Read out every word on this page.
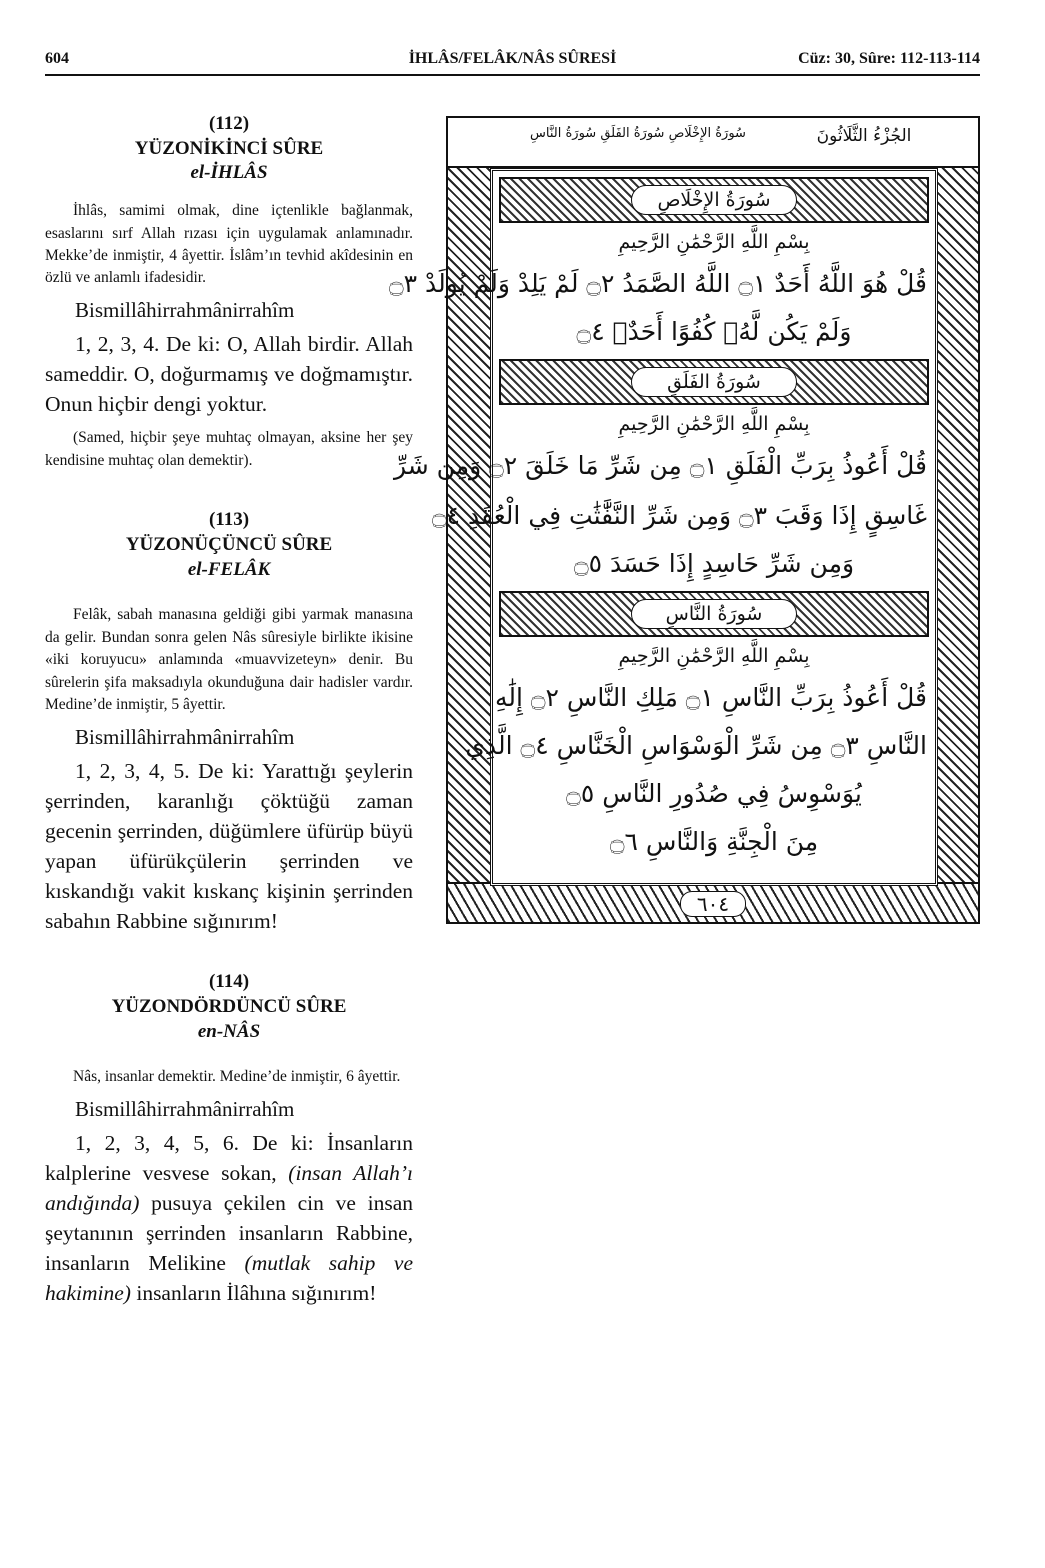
604	İHLÂS/FELÂK/NÂS SÛRESİ	Cüz: 30, Sûre: 112-113-114
(112)
YÜZONİKİNCİ SÛRE
el-İHLÂS
İhlâs, samimi olmak, dine içtenlikle bağlanmak, esaslarını sırf Allah rızası için uygulamak anlamınadır. Mekke’de inmiştir, 4 âyettir. İslâm’ın tevhid akîdesinin en özlü ve anlamlı ifadesidir.
Bismillâhirrahmânirrahîm
1, 2, 3, 4. De ki: O, Allah birdir. Allah sameddir. O, doğurmamış ve doğmamıştır. Onun hiçbir dengi yoktur.
(Samed, hiçbir şeye muhtaç olmayan, aksine her şey kendisine muhtaç olan demektir).
(113)
YÜZONÜÇÜNCÜ SÛRE
el-FELÂK
Felâk, sabah manasına geldiği gibi yarmak manasına da gelir. Bundan sonra gelen Nâs sûresiyle birlikte ikisine «iki koruyucu» anlamında «muavvizeteyn» denir. Bu sûrelerin şifa maksadıyla okunduğuna dair hadisler vardır. Medine’de inmiştir, 5 âyettir.
Bismillâhirrahmânirrahîm
1, 2, 3, 4, 5. De ki: Yarattığı şeylerin şerrinden, karanlığı çöktüğü zaman gecenin şerrinden, düğümlere üfürüp büyü yapan üfürükçülerin şerrinden ve kıskandığı vakit kıskanç kişinin şerrinden sabahın Rabbine sığınırım!
(114)
YÜZONDÖRDÜNCÜ SÛRE
en-NÂS
Nâs, insanlar demektir. Medine’de inmiştir, 6 âyettir.
Bismillâhirrahmânirrahîm
1, 2, 3, 4, 5, 6. De ki: İnsanların kalplerine vesvese sokan, (insan Allah’ı andığında) pusuya çekilen cin ve insan şeytanının şerrinden insanların Rabbine, insanların Melikine (mutlak sahip ve hakimine) insanların İlâhına sığınırım!
سُورَةُ الإِخْلَاصِ سُورَةُ الفَلَقِ سُورَةُ النَّاسِ	الجُزْءُ الثَّلَاثُونَ
٦٠٤
سُورَةُ الإِخْلَاصِ
بِسْمِ اللَّهِ الرَّحْمَٰنِ الرَّحِيمِ
قُلْ هُوَ اللَّهُ أَحَدٌ ۝١ اللَّهُ الصَّمَدُ ۝٢ لَمْ يَلِدْ وَلَمْ يُولَدْ ۝٣
وَلَمْ يَكُن لَّهُۥ كُفُوًا أَحَدٌۢ ۝٤
سُورَةُ الفَلَقِ
بِسْمِ اللَّهِ الرَّحْمَٰنِ الرَّحِيمِ
قُلْ أَعُوذُ بِرَبِّ الْفَلَقِ ۝١ مِن شَرِّ مَا خَلَقَ ۝٢ وَمِن شَرِّ
غَاسِقٍ إِذَا وَقَبَ ۝٣ وَمِن شَرِّ النَّفَّٰثَٰتِ فِي الْعُقَدِ ۝٤
وَمِن شَرِّ حَاسِدٍ إِذَا حَسَدَ ۝٥
سُورَةُ النَّاسِ
بِسْمِ اللَّهِ الرَّحْمَٰنِ الرَّحِيمِ
قُلْ أَعُوذُ بِرَبِّ النَّاسِ ۝١ مَلِكِ النَّاسِ ۝٢ إِلَٰهِ
النَّاسِ ۝٣ مِن شَرِّ الْوَسْوَاسِ الْخَنَّاسِ ۝٤ الَّذِي
يُوَسْوِسُ فِي صُدُورِ النَّاسِ ۝٥
مِنَ الْجِنَّةِ وَالنَّاسِ ۝٦
